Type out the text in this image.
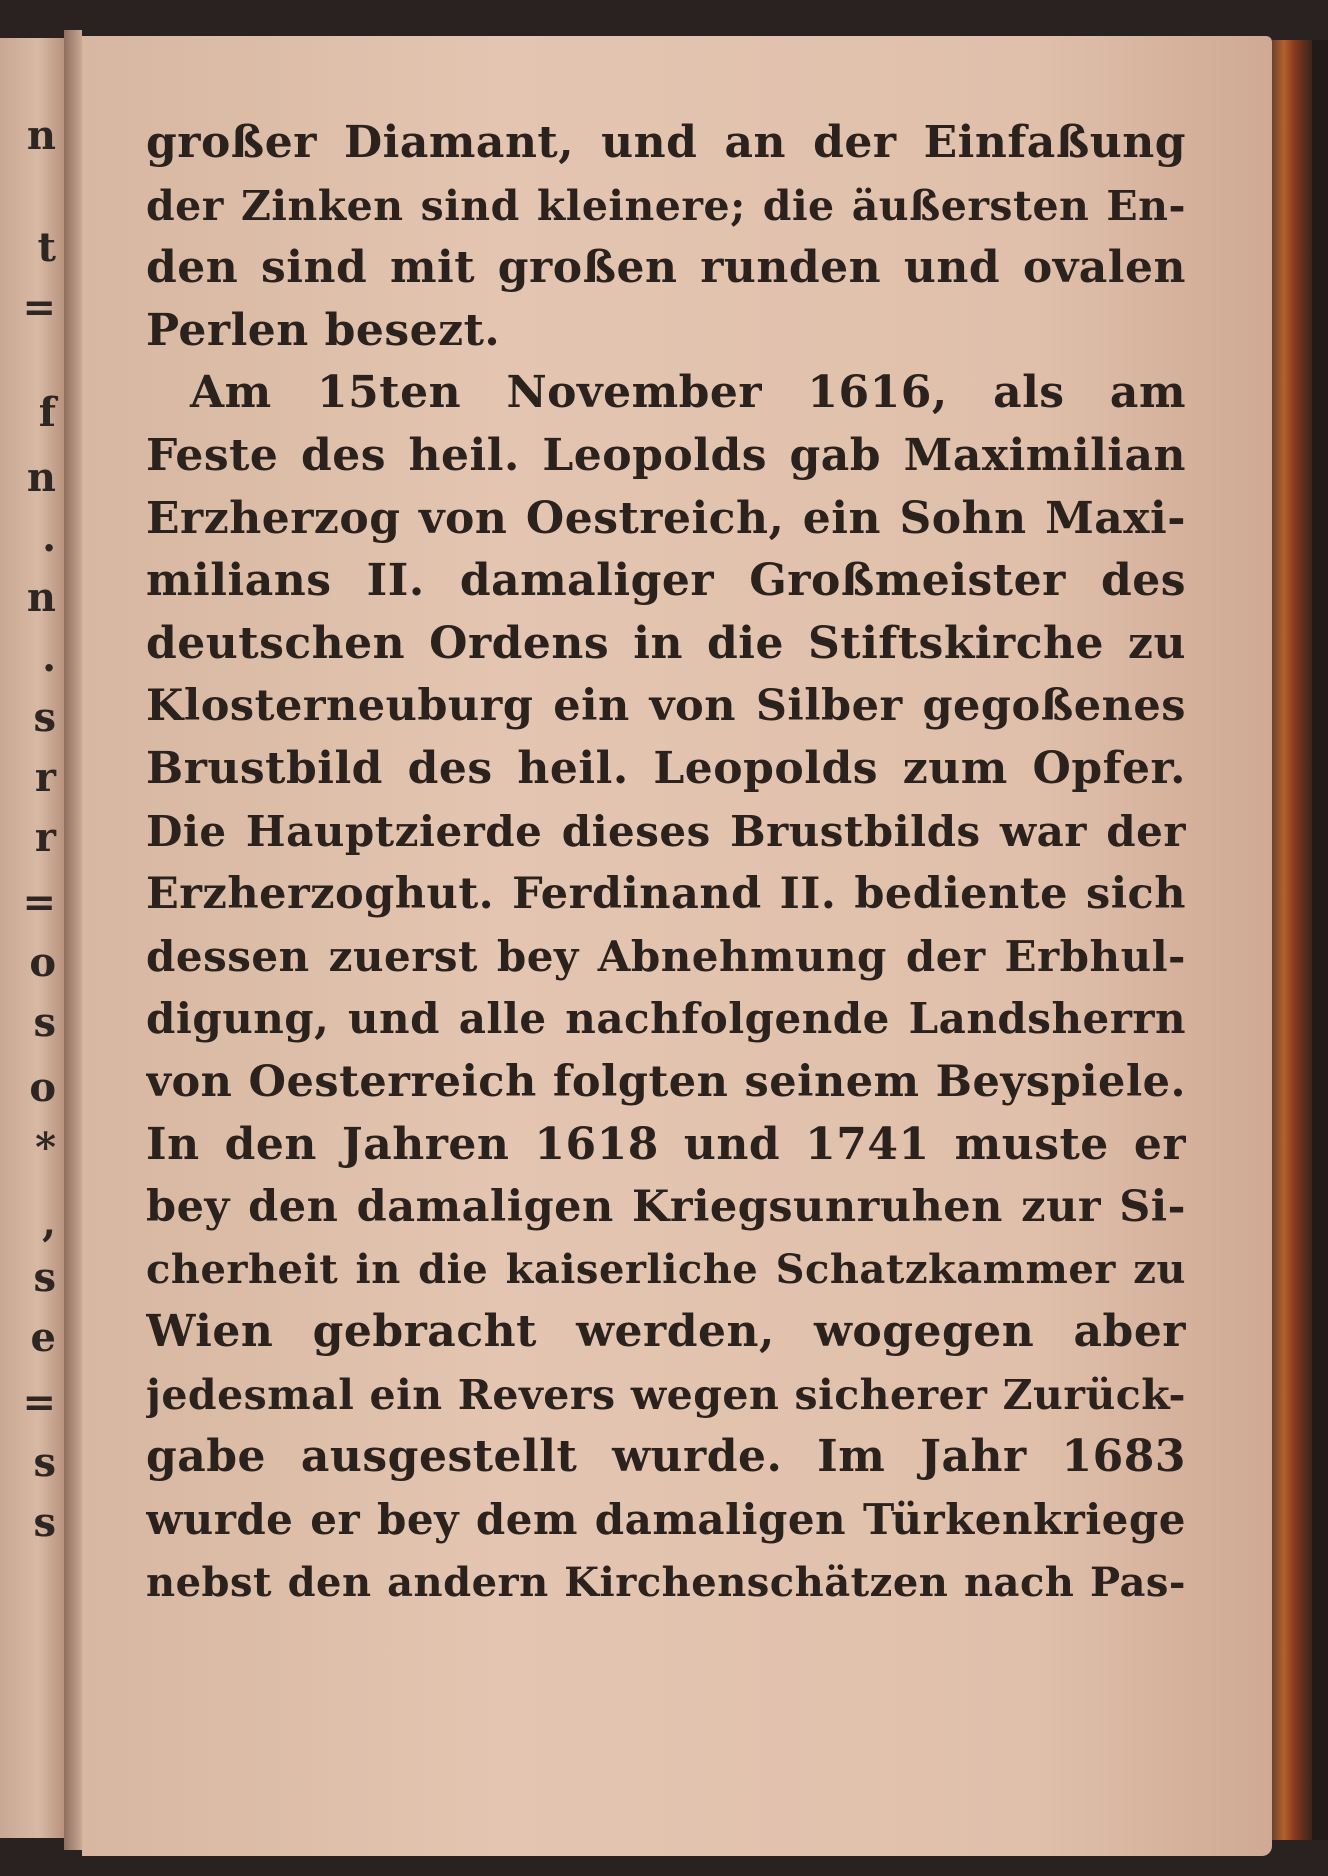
n
t
=
f
n
.
n
.
s
r
r
=
o
s
o
*
,
s
e
=
s
s
großer Diamant, und an der Einfaßung
der Zinken sind kleinere; die äußersten En-
den sind mit großen runden und ovalen
Perlen besezt.
Am 15ten November 1616, als am
Feste des heil. Leopolds gab Maximilian
Erzherzog von Oestreich, ein Sohn Maxi-
milians II. damaliger Großmeister des
deutschen Ordens in die Stiftskirche zu
Klosterneuburg ein von Silber gegoßenes
Brustbild des heil. Leopolds zum Opfer.
Die Hauptzierde dieses Brustbilds war der
Erzherzoghut. Ferdinand II. bediente sich
dessen zuerst bey Abnehmung der Erbhul-
digung, und alle nachfolgende Landsherrn
von Oesterreich folgten seinem Beyspiele.
In den Jahren 1618 und 1741 muste er
bey den damaligen Kriegsunruhen zur Si-
cherheit in die kaiserliche Schatzkammer zu
Wien gebracht werden, wogegen aber
jedesmal ein Revers wegen sicherer Zurück-
gabe ausgestellt wurde. Im Jahr 1683
wurde er bey dem damaligen Türkenkriege
nebst den andern Kirchenschätzen nach Pas-
